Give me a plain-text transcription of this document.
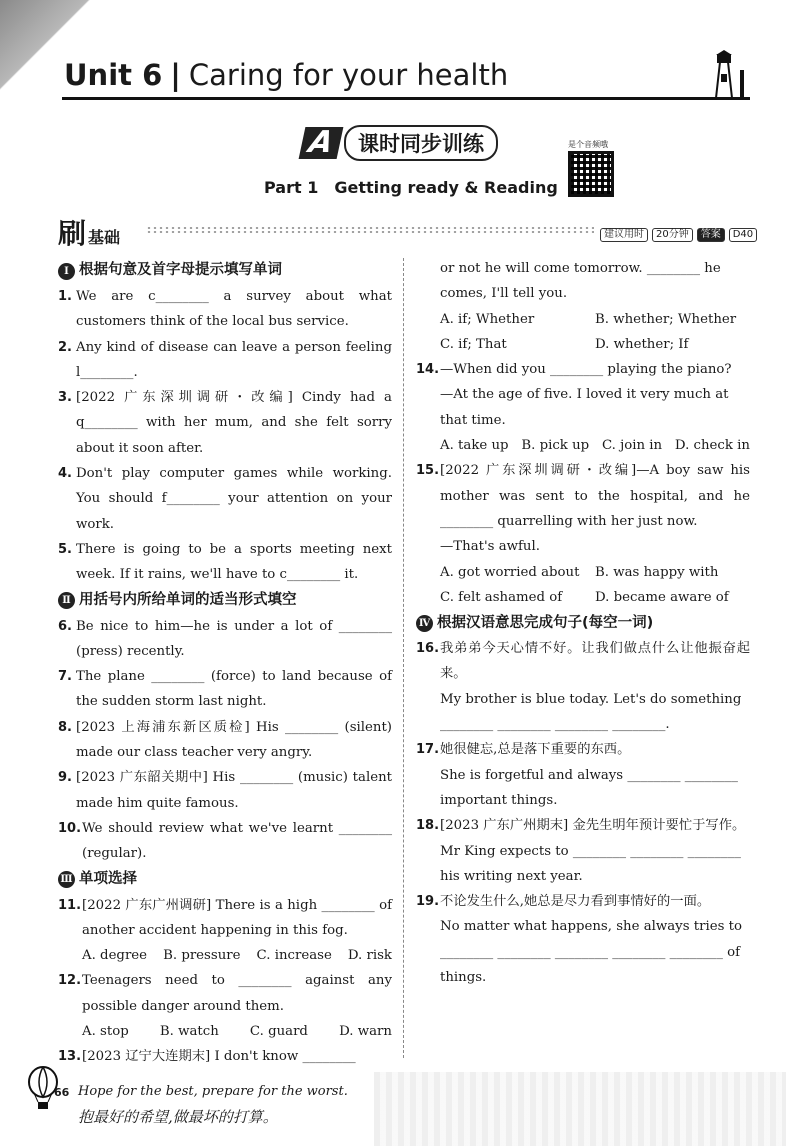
Unit 6 | Caring for your health
A	课时同步训练	是个音频哦
Part 1　Getting ready & Reading
刷 基础	建议用时	20分钟	答案	D40
Ⅰ 根据句意及首字母提示填写单词
1. We are c________ a survey about what customers think of the local bus service.
2. Any kind of disease can leave a person feeling l________.
3. [2022 广东深圳调研・改编] Cindy had a q________ with her mum, and she felt sorry about it soon after.
4. Don't play computer games while working. You should f________ your attention on your work.
5. There is going to be a sports meeting next week. If it rains, we'll have to c________ it.
Ⅱ 用括号内所给单词的适当形式填空
6. Be nice to him—he is under a lot of ________ (press) recently.
7. The plane ________ (force) to land because of the sudden storm last night.
8. [2023 上海浦东新区质检] His ________ (silent) made our class teacher very angry.
9. [2023 广东韶关期中] His ________ (music) talent made him quite famous.
10. We should review what we've learnt ________ (regular).
Ⅲ 单项选择
11. [2022 广东广州调研] There is a high ________ of another accident happening in this fog.
A. degree B. pressure C. increase D. risk
12. Teenagers need to ________ against any possible danger around them.
A. stop B. watch C. guard D. warn
13. [2023 辽宁大连期末] I don't know ________
or not he will come tomorrow. ________ he comes, I'll tell you.
A. if; Whether	B. whether; Whether
C. if; That	D. whether; If
14. —When did you ________ playing the piano?
—At the age of five. I loved it very much at that time.
A. take up B. pick up C. join in D. check in
15. [2022 广东深圳调研・改编]—A boy saw his mother was sent to the hospital, and he ________ quarrelling with her just now.
—That's awful.
A. got worried about	B. was happy with
C. felt ashamed of	D. became aware of
Ⅳ 根据汉语意思完成句子(每空一词)
16. 我弟弟今天心情不好。让我们做点什么让他振奋起来。
My brother is blue today. Let's do something ________ ________ ________ ________.
17. 她很健忘,总是落下重要的东西。
She is forgetful and always ________ ________ important things.
18. [2023 广东广州期末] 金先生明年预计要忙于写作。
Mr King expects to ________ ________ ________ his writing next year.
19. 不论发生什么,她总是尽力看到事情好的一面。
No matter what happens, she always tries to ________ ________ ________ ________ ________ of things.
66 Hope for the best, prepare for the worst.
抱最好的希望,做最坏的打算。
